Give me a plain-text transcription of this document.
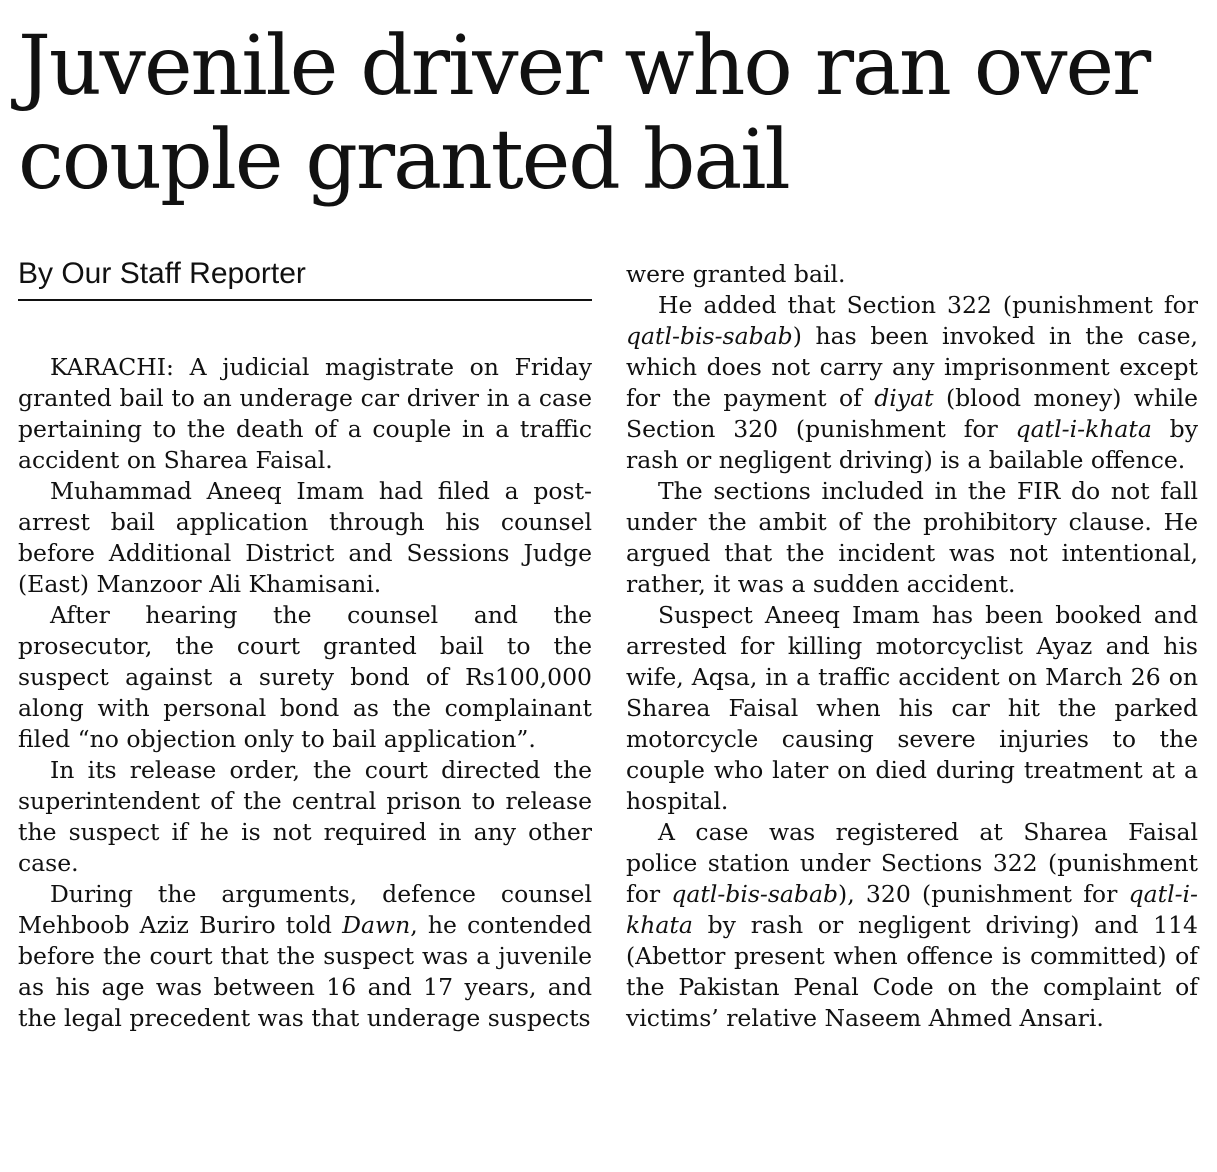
Juvenile driver who ran over couple granted bail
By Our Staff Reporter

KARACHI: A judicial magistrate on Friday granted bail to an underage car driver in a case pertaining to the death of a couple in a traffic accident on Sharea Faisal.

Muhammad Aneeq Imam had filed a post-arrest bail application through his counsel before Additional District and Sessions Judge (East) Manzoor Ali Khamisani.

After hearing the counsel and the prosecutor, the court granted bail to the suspect against a surety bond of Rs100,000 along with personal bond as the complainant filed “no objection only to bail application”.

In its release order, the court directed the superintendent of the central prison to release the suspect if he is not required in any other case.

During the arguments, defence counsel Mehboob Aziz Buriro told Dawn, he contended before the court that the suspect was a juvenile as his age was between 16 and 17 years, and the legal precedent was that underage suspects

were granted bail.

He added that Section 322 (punishment for qatl-bis-sabab) has been invoked in the case, which does not carry any imprisonment except for the payment of diyat (blood money) while Section 320 (punishment for qatl-i-khata by rash or negligent driving) is a bailable offence.

The sections included in the FIR do not fall under the ambit of the prohibitory clause. He argued that the incident was not intentional, rather, it was a sudden accident.

Suspect Aneeq Imam has been booked and arrested for killing motorcyclist Ayaz and his wife, Aqsa, in a traffic accident on March 26 on Sharea Faisal when his car hit the parked motorcycle causing severe injuries to the couple who later on died during treatment at a hospital.

A case was registered at Sharea Faisal police station under Sections 322 (punishment for qatl-bis-sabab), 320 (punishment for qatl-i-khata by rash or negligent driving) and 114 (Abettor present when offence is committed) of the Pakistan Penal Code on the complaint of victims’ relative Naseem Ahmed Ansari.
